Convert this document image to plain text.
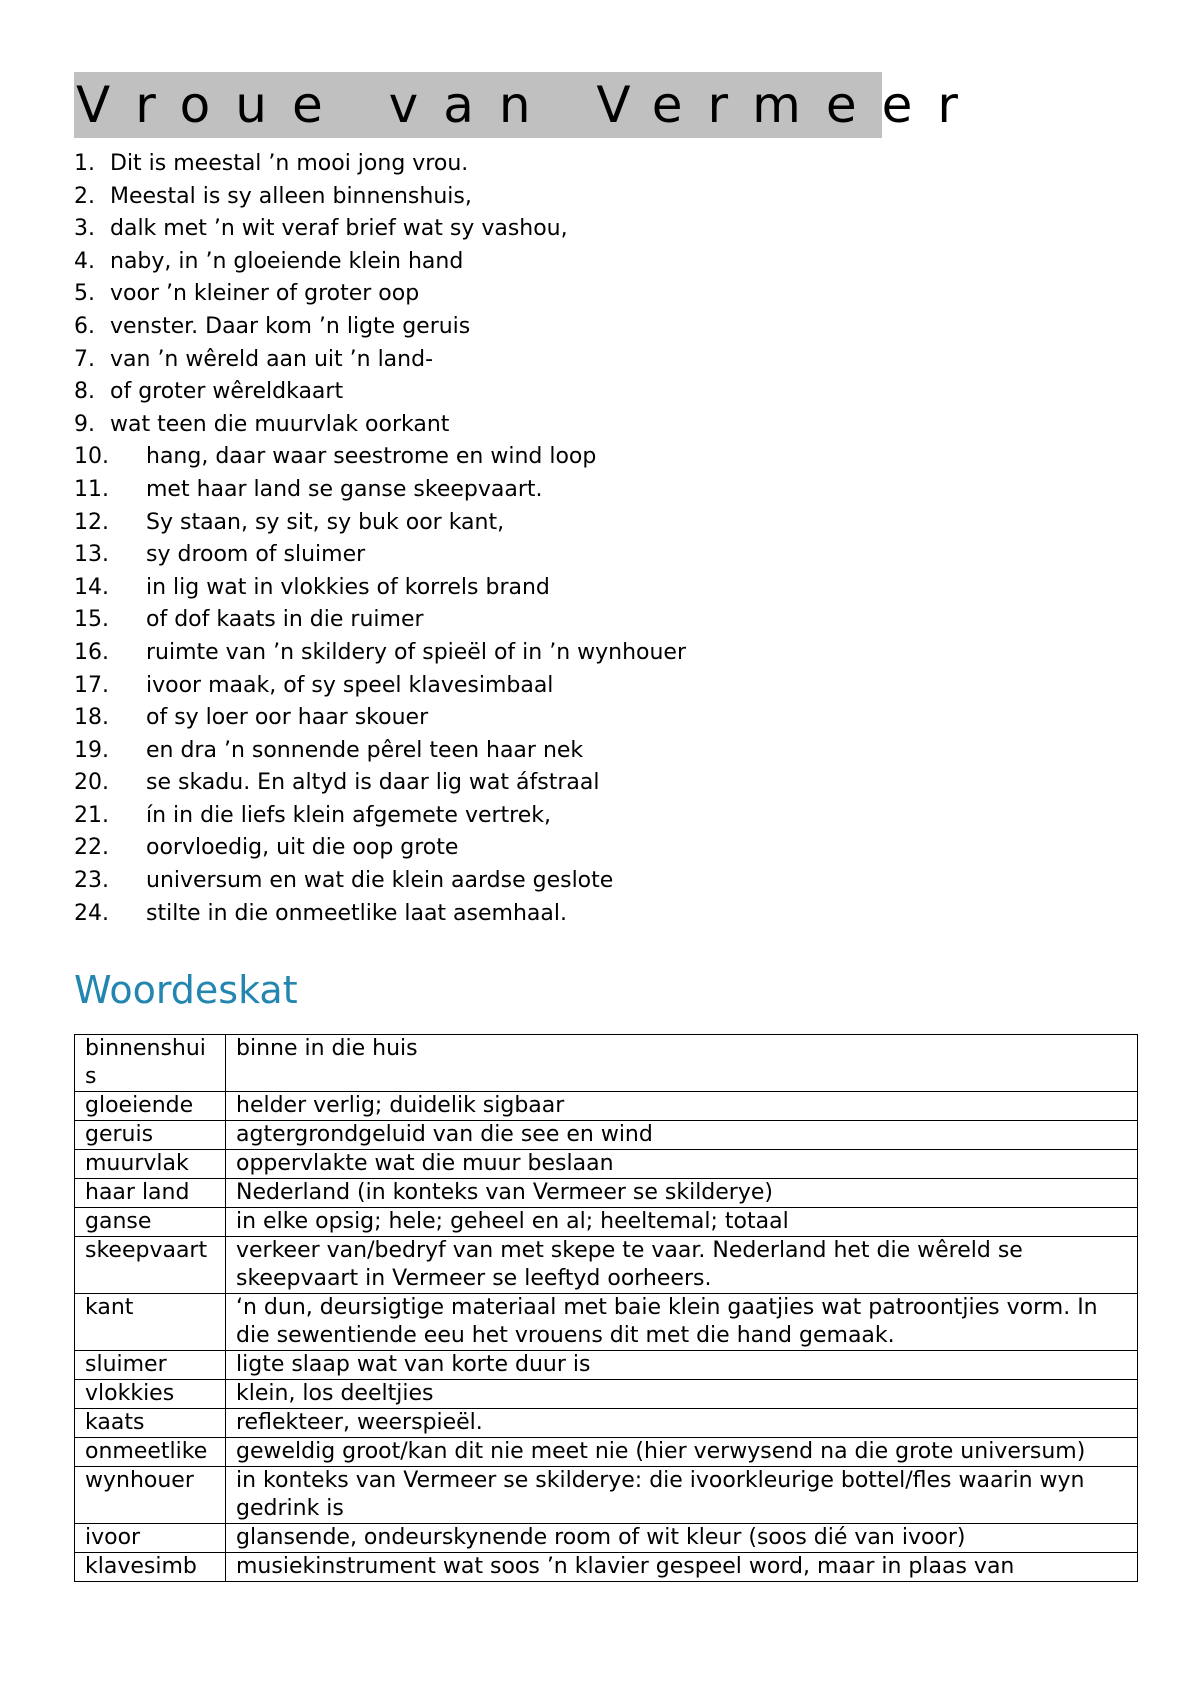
Vroue van Vermeer
1. Dit is meestal ’n mooi jong vrou.
2. Meestal is sy alleen binnenshuis,
3. dalk met ’n wit veraf brief wat sy vashou,
4. naby, in ’n gloeiende klein hand
5. voor ’n kleiner of groter oop
6. venster. Daar kom ’n ligte geruis
7. van ’n wêreld aan uit ’n land-
8. of groter wêreldkaart
9. wat teen die muurvlak oorkant
10. hang, daar waar seestrome en wind loop
11. met haar land se ganse skeepvaart.
12. Sy staan, sy sit, sy buk oor kant,
13. sy droom of sluimer
14. in lig wat in vlokkies of korrels brand
15. of dof kaats in die ruimer
16. ruimte van ’n skildery of spieël of in ’n wynhouer
17. ivoor maak, of sy speel klavesimbaal
18. of sy loer oor haar skouer
19. en dra ’n sonnende pêrel teen haar nek
20. se skadu. En altyd is daar lig wat áfstraal
21. ín in die liefs klein afgemete vertrek,
22. oorvloedig, uit die oop grote
23. universum en wat die klein aardse geslote
24. stilte in die onmeetlike laat asemhaal.
Woordeskat
binnenshuis	binne in die huis
gloeiende	helder verlig; duidelik sigbaar
geruis	agtergrondgeluid van die see en wind
muurvlak	oppervlakte wat die muur beslaan
haar land	Nederland (in konteks van Vermeer se skilderye)
ganse	in elke opsig; hele; geheel en al; heeltemal; totaal
skeepvaart	verkeer van/bedryf van met skepe te vaar. Nederland het die wêreld se skeepvaart in Vermeer se leeftyd oorheers.
kant	‘n dun, deursigtige materiaal met baie klein gaatjies wat patroontjies vorm. In die sewentiende eeu het vrouens dit met die hand gemaak.
sluimer	ligte slaap wat van korte duur is
vlokkies	klein, los deeltjies
kaats	reflekteer, weerspieël.
onmeetlike	geweldig groot/kan dit nie meet nie (hier verwysend na die grote universum)
wynhouer	in konteks van Vermeer se skilderye: die ivoorkleurige bottel/fles waarin wyn gedrink is
ivoor	glansende, ondeurskynende room of wit kleur (soos dié van ivoor)
klavesimb	musiekinstrument wat soos ’n klavier gespeel word, maar in plaas van
